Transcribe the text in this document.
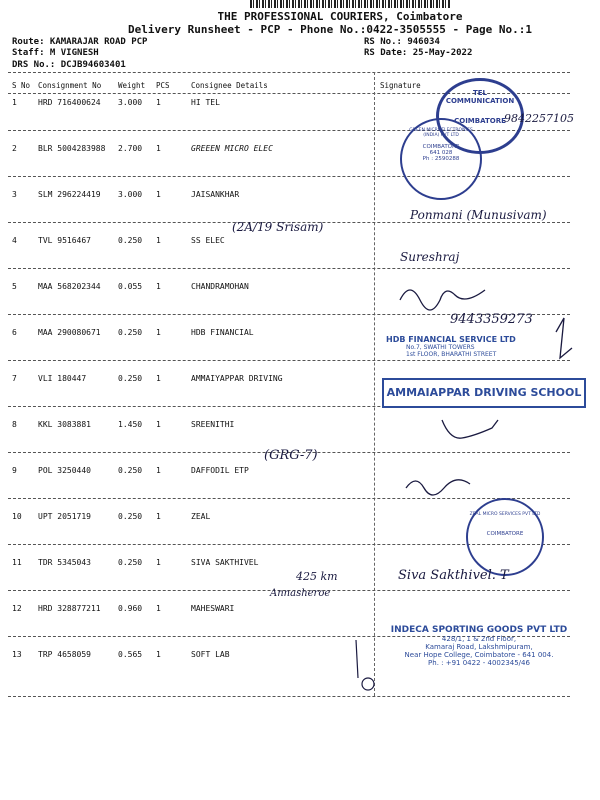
THE PROFESSIONAL COURIERS, Coimbatore
Delivery Runsheet - PCP - Phone No.:0422-3505555 - Page No.:1
Route: KAMARAJAR ROAD PCP
Staff: M VIGNESH
DRS No.: DCJB94603401
RS No.: 946034
RS Date: 25-May-2022
S No Consignment No Weight PCS	Consignee Details	Signature
1	HRD 716400624 3.000 1	HI TEL
2	BLR 5004283988 2.700 1	GREEEN MICRO ELEC
3	SLM 296224419 3.000 1	JAISANKHAR
4	TVL 9516467	0.250 1	SS ELEC
5	MAA 568202344 0.055 1	CHANDRAMOHAN
6	MAA 290080671 0.250 1	HDB FINANCIAL
7	VLI 180447	0.250 1	AMMAIYAPPAR DRIVING
8	KKL 3083881	1.450 1	SREENITHI
9	POL 3250440	0.250 1	DAFFODIL ETP
10 UPT 2051719	0.250 1	ZEAL
11 TDR 5345043	0.250 1	SIVA SAKTHIVEL
12 HRD 328877211 0.960 1	MAHESWARI
13 TRP 4658059	0.565 1	SOFT LAB
TEL COMMUNICATION
COIMBATORE
GREEN MICROELECTRONICS (INDIA) PVT LTD
COIMBATORE
641 028
Ph : 2590288
HDB FINANCIAL SERVICE LTD
No.7, SWATHI TOWERS
1st FLOOR, BHARATHI STREET
AMMAIAPPAR DRIVING SCHOOL
ZEAL MICRO SERVICES PVT LTD
COIMBATORE
INDECA SPORTING GOODS PVT LTD
428/1, 1 & 2nd Floor,
Kamaraj Road, Lakshmipuram,
Near Hope College, Coimbatore - 641 004.
Ph. : +91 0422 - 4002345/46
9842257105
(2A/19 Srisam)
Ponmani (Munusivam)
Sureshraj
9443359273
(GRG-7)
425 km	Siva Sakthivel. T
Annasheroe
